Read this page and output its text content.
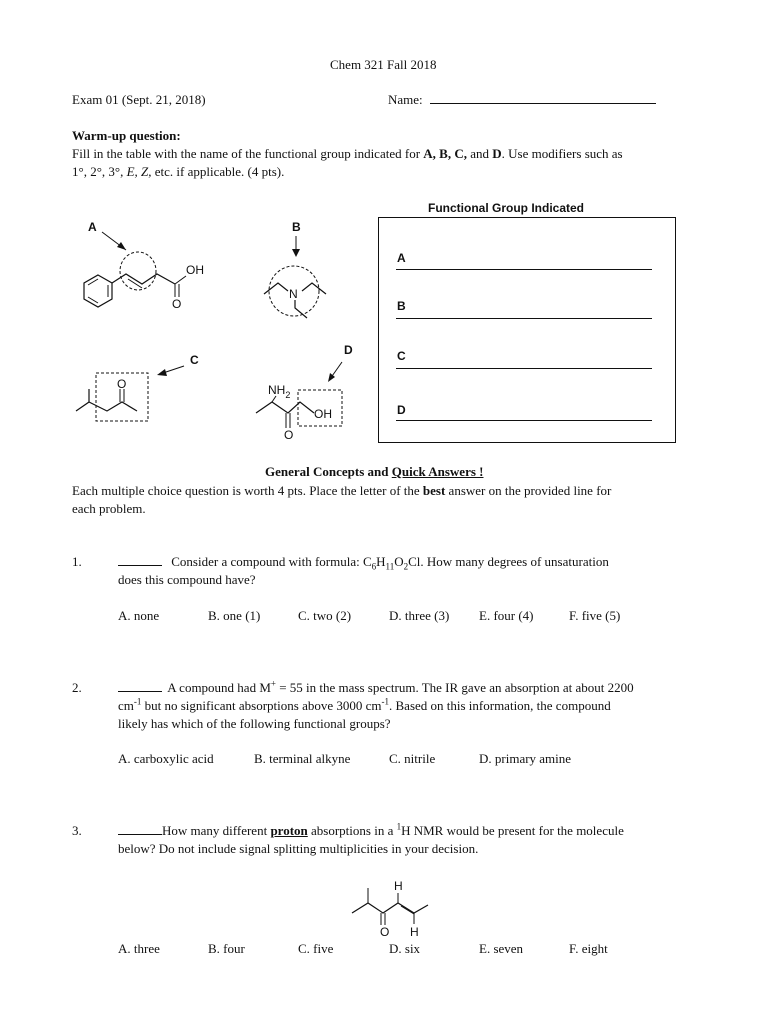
Chem 321 Fall 2018
Exam 01 (Sept. 21, 2018)	Name:
Warm-up question:
Fill in the table with the name of the functional group indicated for A, B, C, and D. Use modifiers such as
1°, 2°, 3°, E, Z, etc. if applicable. (4 pts).
A
OH
O
B
N
C
O
D
$NH_2$
O
OH
O
H
H
Functional Group Indicated
A
B
C
D
General Concepts and Quick Answers !
Each multiple choice question is worth 4 pts. Place the letter of the best answer on the provided line for
each problem.
1.	Consider a compound with formula: $C_6H_{11}O_2Cl$. How many degrees of unsaturation
does this compound have?
A. none	B. one (1)	C. two (2)	D. three (3) E. four (4)	F. five (5)
2.	A compound had M+ = 55 in the mass spectrum. The IR gave an absorption at about 2200
$cm^{-1}$ but no significant absorptions above 3000 $cm^{-1}$. Based on this information, the compound
likely has which of the following functional groups?
A. carboxylic acid	B. terminal alkyne	C. nitrile	D. primary amine
3.	How many different proton absorptions in a $^1$H NMR would be present for the molecule
below? Do not include signal splitting multiplicities in your decision.
A. three	B. four	C. five	D. six	E. seven	F. eight
